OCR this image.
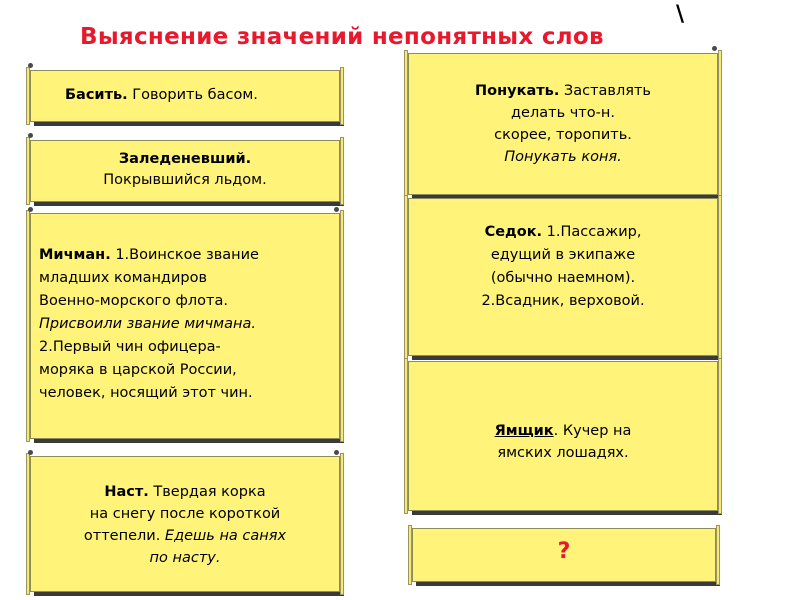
Выяснение значений непонятных слов
\
Басить. Говорить басом.
Заледеневший.
Покрывшийся льдом.
Мичман. 1.Воинское звание
младших командиров
Военно-морского флота.
Присвоили звание мичмана.
2.Первый чин офицера-
моряка в царской России,
человек, носящий этот чин.
Наст. Твердая корка
на снегу после короткой
оттепели. Едешь на санях
по насту.
Понукать. Заставлять
делать что-н.
скорее, торопить.
Понукать коня.
Седок. 1.Пассажир,
едущий в экипаже
(обычно наемном).
2.Всадник, верховой.
Ямщик. Кучер на
ямских лошадях.
?
